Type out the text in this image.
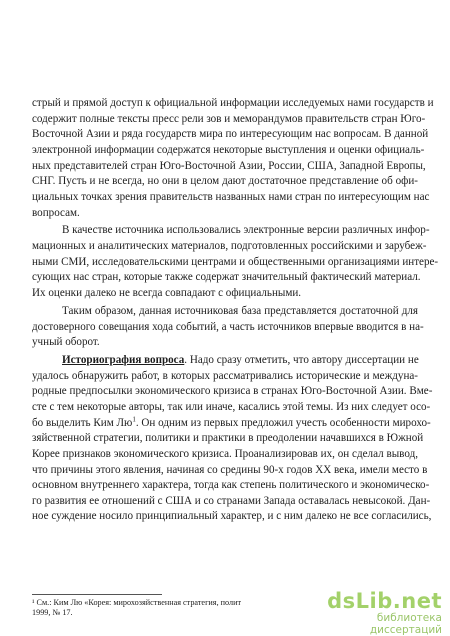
стрый и прямой доступ к официальной информации исследуемых нами государств и
содержит полные тексты пресс рели зов и меморандумов правительств стран Юго-
Восточной Азии и ряда государств мира по интересующим нас вопросам. В данной
электронной информации содержатся некоторые выступления и оценки официаль-
ных представителей стран Юго-Восточной Азии, России, США, Западной Европы,
СНГ. Пусть и не всегда, но они в целом дают достаточное представление об офи-
циальных точках зрения правительств названных нами стран по интересующим нас
вопросам.
В качестве источника использовались электронные версии различных инфор-
мационных и аналитических материалов, подготовленных российскими и зарубеж-
ными СМИ, исследовательскими центрами и общественными организациями интере-
сующих нас стран, которые также содержат значительный фактический материал.
Их оценки далеко не всегда совпадают с официальными.
Таким образом, данная источниковая база представляется достаточной для
достоверного совещания хода событий, а часть источников впервые вводится в на-
учный оборот.
Историография вопроса. Надо сразу отметить, что автору диссертации не
удалось обнаружить работ, в которых рассматривались исторические и междуна-
родные предпосылки экономического кризиса в странах Юго-Восточной Азии. Вме-
сте с тем некоторые авторы, так или иначе, касались этой темы. Из них следует осо-
бо выделить Ким $Лю^1$. Он одним из первых предложил учесть особенности мирохо-
зяйственной стратегии, политики и практики в преодолении начавшихся в Южной
Корее признаков экономического кризиса. Проанализировав их, он сделал вывод,
что причины этого явления, начиная со средины 90-х годов XX века, имели место в
основном внутреннего характера, тогда как степень политического и экономическо-
го развития ее отношений с США и со странами Запада оставалась невысокой. Дан-
ное суждение носило принципиальный характер, и с ним далеко не все согласились,
¹ См.: Ким Лю «Корея: мирохозяйственная стратегия, полит
1999, № 17.	dsLib.net
библиотека диссертаций
